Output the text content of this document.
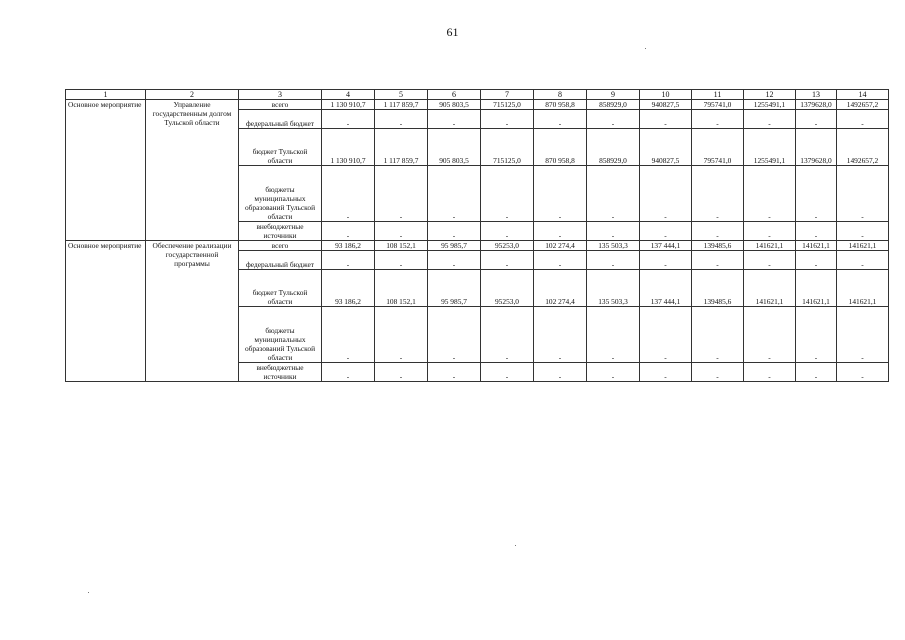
61
1	2	3	4	5	6	7	8	9	10	11	12	13	14
Основное мероприятие	Управление государственным долгом Тульской области	всего	1 130 910,7	1 117 859,7	905 803,5	715125,0	870 958,8	858929,0	940827,5	795741,0	1255491,1	1379628,0	1492657,2
		федеральный бюджет	-	-	-	-	-	-	-	-	-	-	-
		бюджет Тульской области	1 130 910,7	1 117 859,7	905 803,5	715125,0	870 958,8	858929,0	940827,5	795741,0	1255491,1	1379628,0	1492657,2
		бюджеты муниципальных образований Тульской области	-	-	-	-	-	-	-	-	-	-	-
		внебюджетные источники	-	-	-	-	-	-	-	-	-	-	-
Основное мероприятие	Обеспечение реализации государственной программы	всего	93 186,2	108 152,1	95 985,7	95253,0	102 274,4	135 503,3	137 444,1	139485,6	141621,1	141621,1	141621,1
		федеральный бюджет	-	-	-	-	-	-	-	-	-	-	-
		бюджет Тульской области	93 186,2	108 152,1	95 985,7	95253,0	102 274,4	135 503,3	137 444,1	139485,6	141621,1	141621,1	141621,1
		бюджеты муниципальных образований Тульской области	-	-	-	-	-	-	-	-	-	-	-
		внебюджетные источники	-	-	-	-	-	-	-	-	-	-	-
